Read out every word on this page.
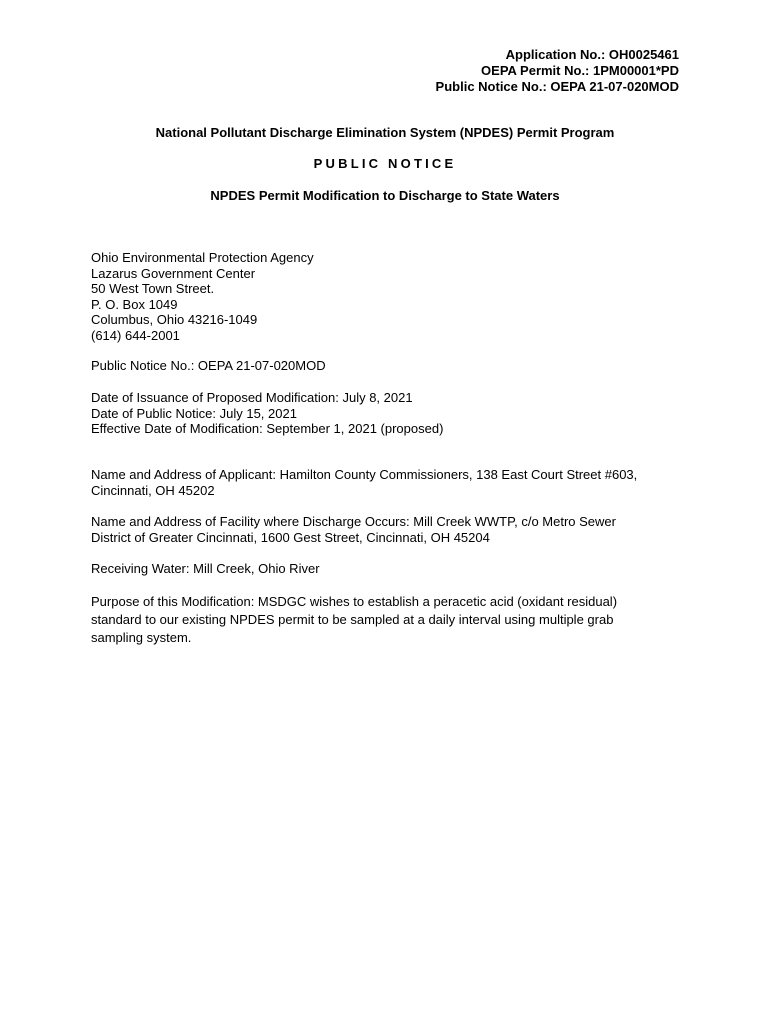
Application No.: OH0025461
OEPA Permit No.: 1PM00001*PD
Public Notice No.: OEPA 21-07-020MOD
National Pollutant Discharge Elimination System (NPDES) Permit Program
PUBLIC NOTICE
NPDES Permit Modification to Discharge to State Waters
Ohio Environmental Protection Agency
Lazarus Government Center
50 West Town Street.
P. O. Box 1049
Columbus, Ohio 43216-1049
(614) 644-2001
Public Notice No.: OEPA 21-07-020MOD
Date of Issuance of Proposed Modification: July 8, 2021
Date of Public Notice: July 15, 2021
Effective Date of Modification: September 1, 2021 (proposed)
Name and Address of Applicant: Hamilton County Commissioners, 138 East Court Street #603,
Cincinnati, OH 45202
Name and Address of Facility where Discharge Occurs: Mill Creek WWTP, c/o Metro Sewer
District of Greater Cincinnati, 1600 Gest Street, Cincinnati, OH 45204
Receiving Water: Mill Creek, Ohio River
Purpose of this Modification: MSDGC wishes to establish a peracetic acid (oxidant residual)
standard to our existing NPDES permit to be sampled at a daily interval using multiple grab
sampling system.
